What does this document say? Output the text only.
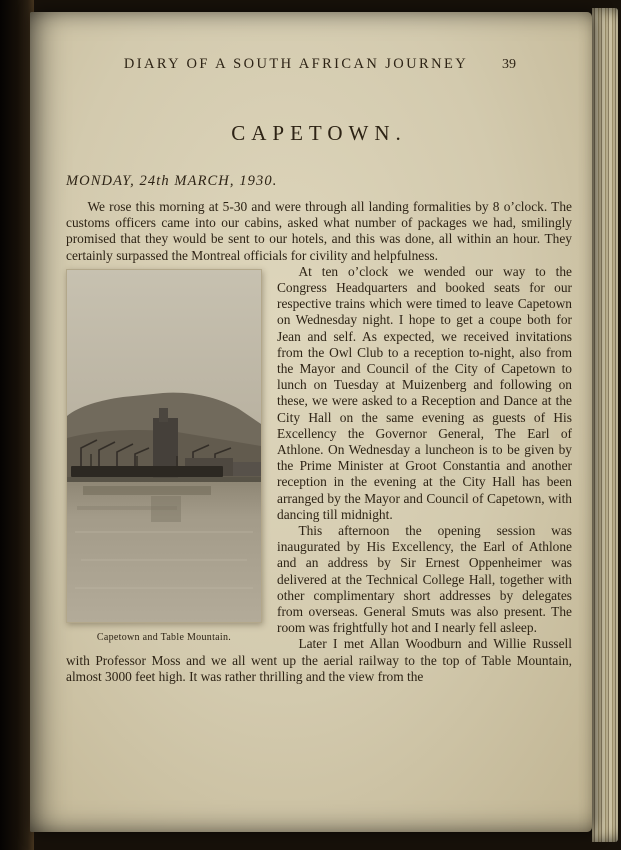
DIARY OF A SOUTH AFRICAN JOURNEY 39
CAPETOWN.
MONDAY, 24th MARCH, 1930.

We rose this morning at 5-30 and were through all landing formalities by 8 o’clock. The customs officers came into our cabins, asked what number of packages we had, smilingly promised that they would be sent to our hotels, and this was done, all within an hour. They certainly surpassed the Montreal officials for civility and helpfulness.

Capetown and Table Mountain.

At ten o’clock we wended our way to the Congress Headquarters and booked seats for our respective trains which were timed to leave Capetown on Wednesday night. I hope to get a coupe both for Jean and self. As expected, we received invitations from the Owl Club to a reception to-night, also from the Mayor and Council of the City of Capetown to lunch on Tuesday at Muizenberg and following on these, we were asked to a Reception and Dance at the City Hall on the same evening as guests of His Excellency the Governor General, The Earl of Athlone. On Wednesday a luncheon is to be given by the Prime Minister at Groot Constantia and another reception in the evening at the City Hall has been arranged by the Mayor and Council of Capetown, with dancing till midnight.

This afternoon the opening session was inaugurated by His Excellency, the Earl of Athlone and an address by Sir Ernest Oppenheimer was delivered at the Technical College Hall, together with other complimentary short addresses by delegates from overseas. General Smuts was also present. The room was frightfully hot and I nearly fell asleep.

Later I met Allan Woodburn and Willie Russell with Professor Moss and we all went up the aerial railway to the top of Table Mountain, almost 3000 feet high. It was rather thrilling and the view from the
